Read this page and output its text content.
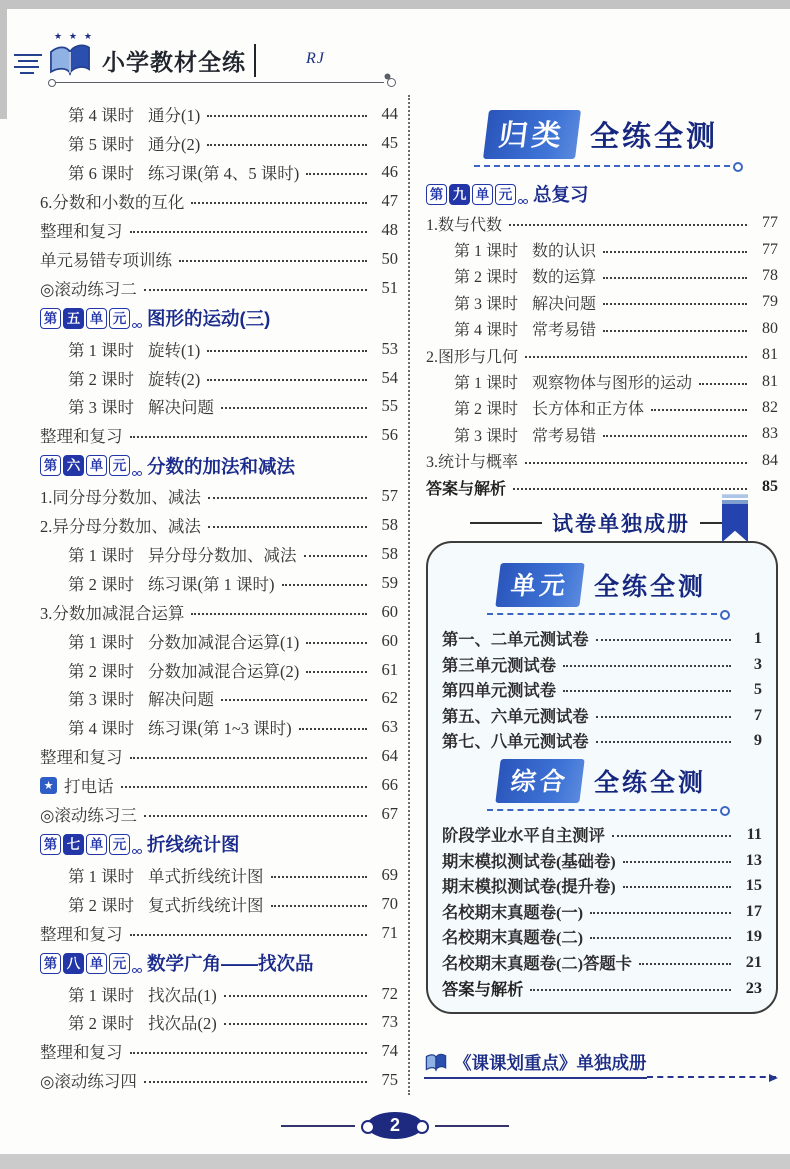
★ ★ ★
小学教材全练	RJ
第 4 课时 通分(1)	44
第 5 课时 通分(2)	45
第 6 课时 练习课(第 4、5 课时)	46
6.分数和小数的互化	47
整理和复习	48
单元易错专项训练	50
◎滚动练习二	51
第 五 单 元 图形的运动(三)
第 1 课时 旋转(1)	53
第 2 课时 旋转(2)	54
第 3 课时 解决问题	55
整理和复习	56
第 六 单 元 分数的加法和减法
1.同分母分数加、减法	57
2.异分母分数加、减法	58
第 1 课时 异分母分数加、减法	58
第 2 课时 练习课(第 1 课时)	59
3.分数加减混合运算	60
第 1 课时 分数加减混合运算(1)	60
第 2 课时 分数加减混合运算(2)	61
第 3 课时 解决问题	62
第 4 课时 练习课(第 1~3 课时)	63
整理和复习	64
★ 打电话	66
◎滚动练习三	67
第 七 单 元 折线统计图
第 1 课时 单式折线统计图	69
第 2 课时 复式折线统计图	70
整理和复习	71
第 八 单 元 数学广角——找次品
第 1 课时 找次品(1)	72
第 2 课时 找次品(2)	73
整理和复习	74
◎滚动练习四	75
归类 全练全测
第 九 单 元 总复习
1.数与代数	77
第 1 课时 数的认识	77
第 2 课时 数的运算	78
第 3 课时 解决问题	79
第 4 课时 常考易错	80
2.图形与几何	81
第 1 课时 观察物体与图形的运动	81
第 2 课时 长方体和正方体	82
第 3 课时 常考易错	83
3.统计与概率	84
答案与解析	85
试卷单独成册
单元 全练全测
第一、二单元测试卷	1
第三单元测试卷	3
第四单元测试卷	5
第五、六单元测试卷	7
第七、八单元测试卷	9
综合 全练全测
阶段学业水平自主测评	11
期末模拟测试卷(基础卷)	13
期末模拟测试卷(提升卷)	15
名校期末真题卷(一)	17
名校期末真题卷(二)	19
名校期末真题卷(二)答题卡	21
答案与解析	23
《课课划重点》单独成册
2
